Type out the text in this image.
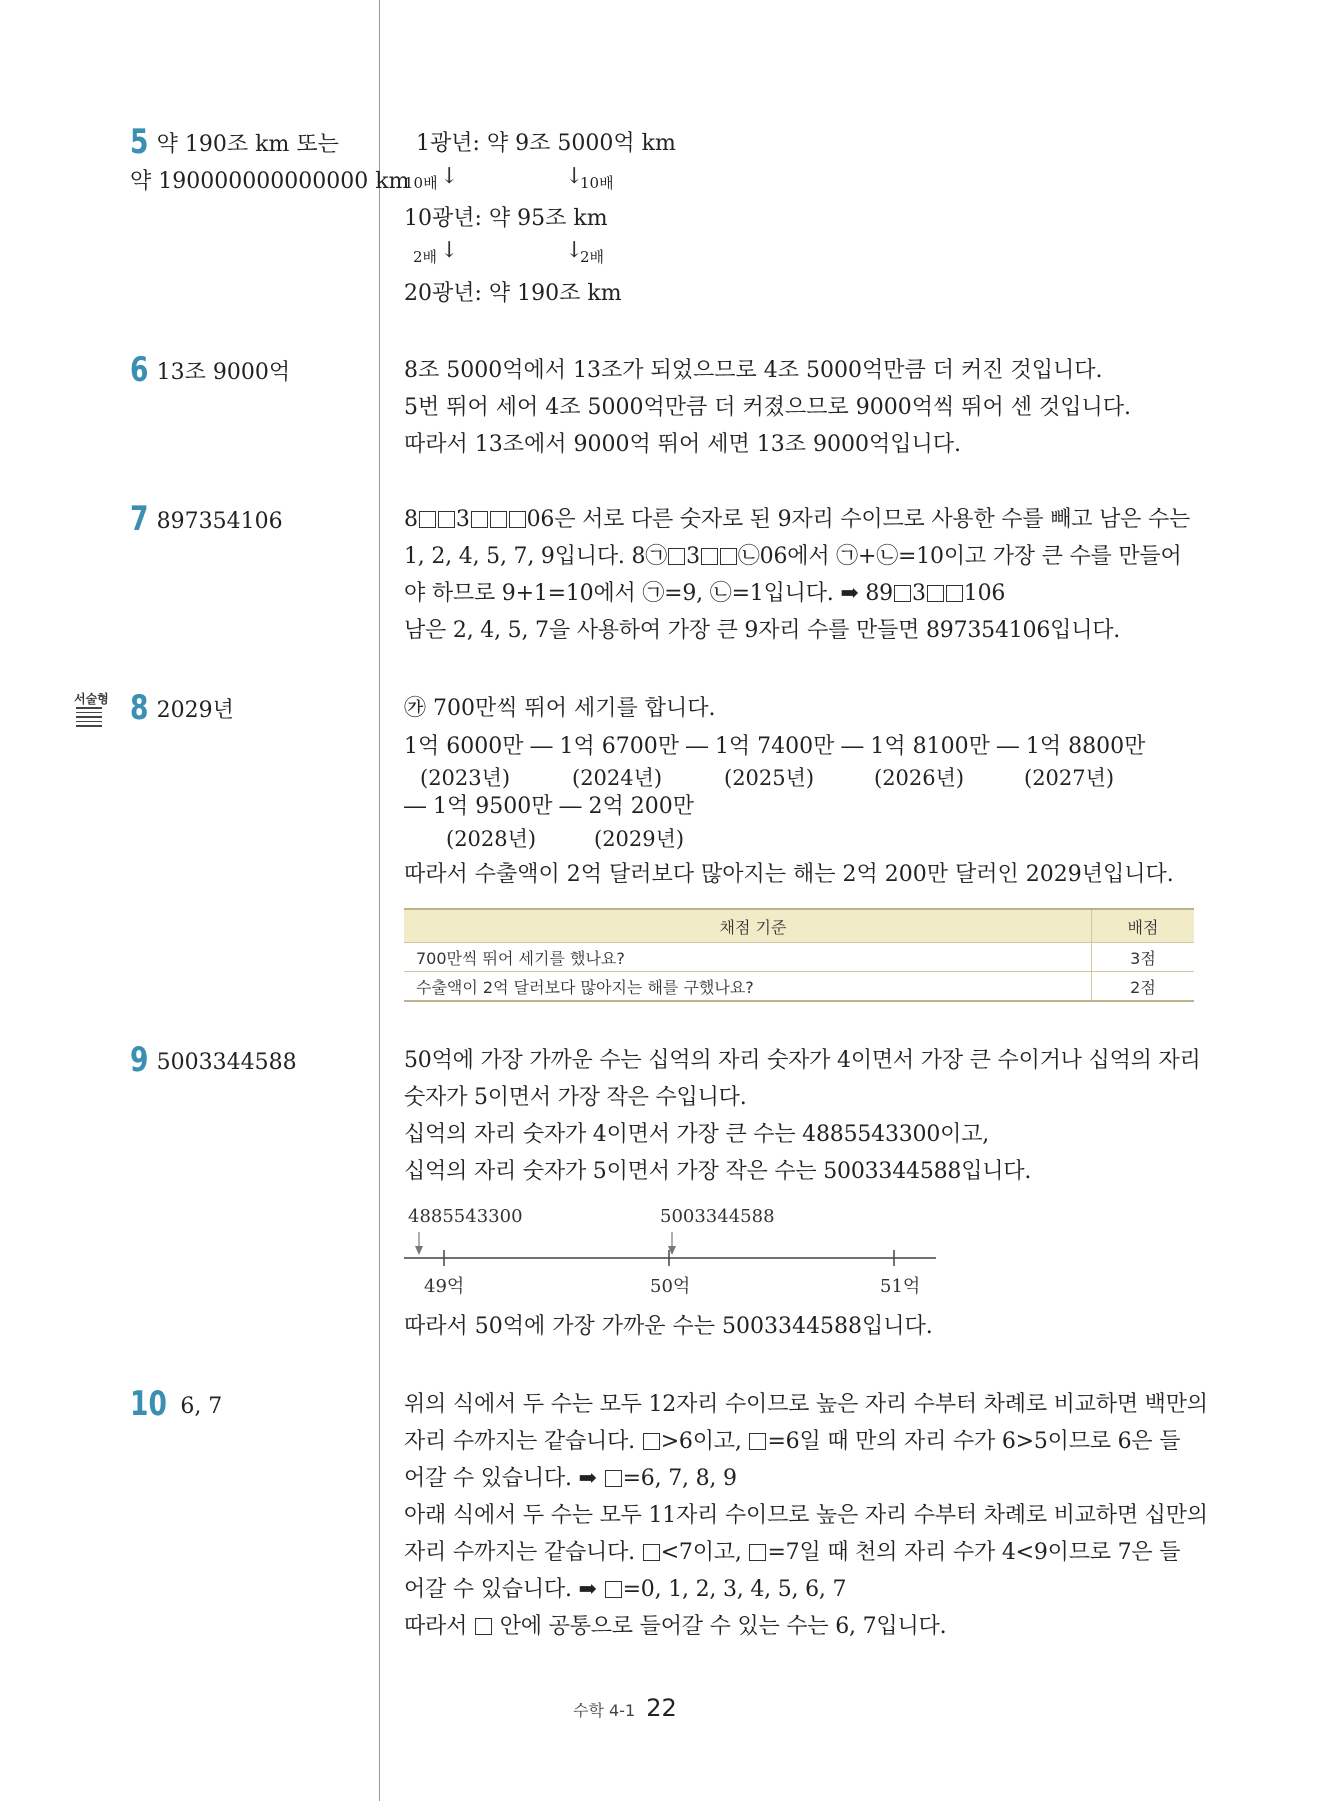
5 약 190조 km 또는
약 190000000000000 km
1광년: 약 9조 5000억 km
10배 ↓	↓
10배
10광년: 약 95조 km
2배 ↓	↓
2배
20광년: 약 190조 km
6 13조 9000억	8조 5000억에서 13조가 되었으므로 4조 5000억만큼 더 커진 것입니다.
5번 뛰어 세어 4조 5000억만큼 더 커졌으므로 9000억씩 뛰어 센 것입니다.
따라서 13조에서 9000억 뛰어 세면 13조 9000억입니다.
7 897354106	8 3	06은 서로 다른 숫자로 된 9자리 수이므로 사용한 수를 빼고 남은 수는
1, 2, 4, 5, 7, 9입니다. 8㉠ 3 ㉡06에서 ㉠+㉡=10이고 가장 큰 수를 만들어
야 하므로 9+1=10에서 ㉠=9, ㉡=1입니다. ➡ 89 3 106
남은 2, 4, 5, 7을 사용하여 가장 큰 9자리 수를 만들면 897354106입니다.
서술형 8 2029년	㉮ 700만씩 뛰어 세기를 합니다.
1억 6000만 ― 1억 6700만 ― 1억 7400만 ― 1억 8100만 ― 1억 8800만
(2023년)	(2024년)	(2025년)	(2026년)	(2027년)
― 1억 9500만 ― 2억 200만
(2028년)	(2029년)
따라서 수출액이 2억 달러보다 많아지는 해는 2억 200만 달러인 2029년입니다.
채점 기준	배점
700만씩 뛰어 세기를 했나요?	3점
수출액이 2억 달러보다 많아지는 해를 구했나요?	2점
9 5003344588	50억에 가장 가까운 수는 십억의 자리 숫자가 4이면서 가장 큰 수이거나 십억의 자리
숫자가 5이면서 가장 작은 수입니다.
십억의 자리 숫자가 4이면서 가장 큰 수는 4885543300이고,
십억의 자리 숫자가 5이면서 가장 작은 수는 5003344588입니다.
4885543300	5003344588
49억	50억	51억
따라서 50억에 가장 가까운 수는 5003344588입니다.
10 6, 7	위의 식에서 두 수는 모두 12자리 수이므로 높은 자리 수부터 차례로 비교하면 백만의
자리 수까지는 같습니다. >6이고, =6일 때 만의 자리 수가 6>5이므로 6은 들
어갈 수 있습니다. ➡ =6, 7, 8, 9
아래 식에서 두 수는 모두 11자리 수이므로 높은 자리 수부터 차례로 비교하면 십만의
자리 수까지는 같습니다. <7이고, =7일 때 천의 자리 수가 4<9이므로 7은 들
어갈 수 있습니다. ➡ =0, 1, 2, 3, 4, 5, 6, 7
따라서  안에 공통으로 들어갈 수 있는 수는 6, 7입니다.
수학 4-1 22
